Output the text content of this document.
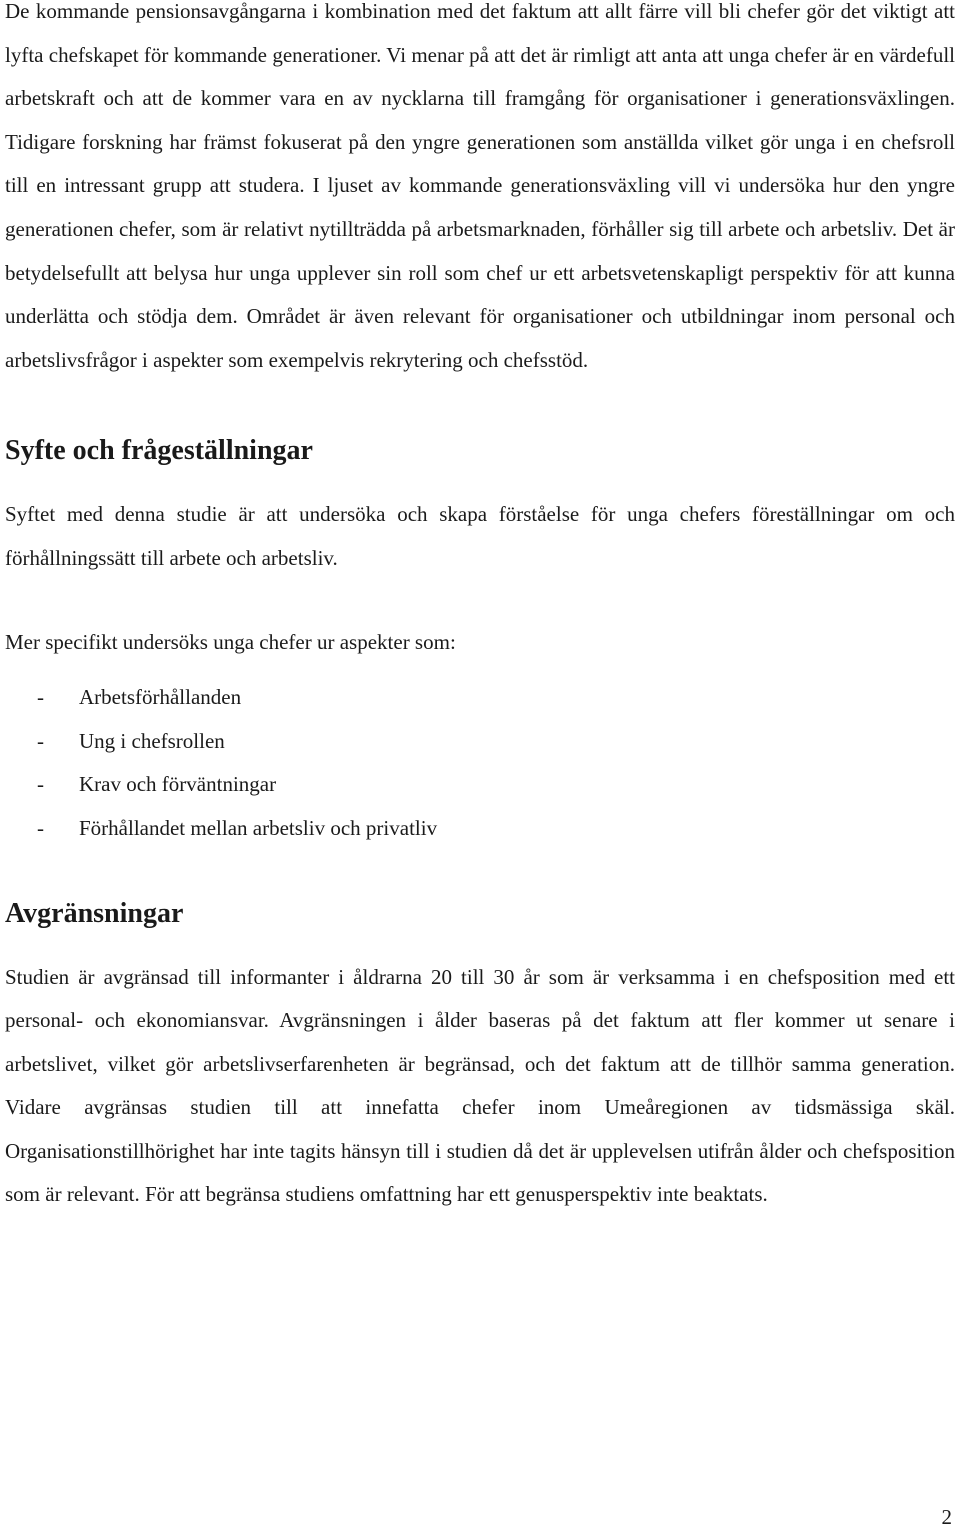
De kommande pensionsavgångarna i kombination med det faktum att allt färre vill bli chefer gör det viktigt att lyfta chefskapet för kommande generationer. Vi menar på att det är rimligt att anta att unga chefer är en värdefull arbetskraft och att de kommer vara en av nycklarna till framgång för organisationer i generationsväxlingen. Tidigare forskning har främst fokuserat på den yngre generationen som anställda vilket gör unga i en chefsroll till en intressant grupp att studera. I ljuset av kommande generationsväxling vill vi undersöka hur den yngre generationen chefer, som är relativt nytillträdda på arbetsmarknaden, förhåller sig till arbete och arbetsliv. Det är betydelsefullt att belysa hur unga upplever sin roll som chef ur ett arbetsvetenskapligt perspektiv för att kunna underlätta och stödja dem. Området är även relevant för organisationer och utbildningar inom personal och arbetslivsfrågor i aspekter som exempelvis rekrytering och chefsstöd.

Syfte och frågeställningar

Syftet med denna studie är att undersöka och skapa förståelse för unga chefers föreställningar om och förhållningssätt till arbete och arbetsliv.

Mer specifikt undersöks unga chefer ur aspekter som:

-	Arbetsförhållanden
-	Ung i chefsrollen
-	Krav och förväntningar
-	Förhållandet mellan arbetsliv och privatliv
Avgränsningar

Studien är avgränsad till informanter i åldrarna 20 till 30 år som är verksamma i en chefsposition med ett personal- och ekonomiansvar. Avgränsningen i ålder baseras på det faktum att fler kommer ut senare i arbetslivet, vilket gör arbetslivserfarenheten är begränsad, och det faktum att de tillhör samma generation. Vidare avgränsas studien till att innefatta chefer inom Umeåregionen av tidsmässiga skäl. Organisationstillhörighet har inte tagits hänsyn till i studien då det är upplevelsen utifrån ålder och chefsposition som är relevant. För att begränsa studiens omfattning har ett genusperspektiv inte beaktats.

2
